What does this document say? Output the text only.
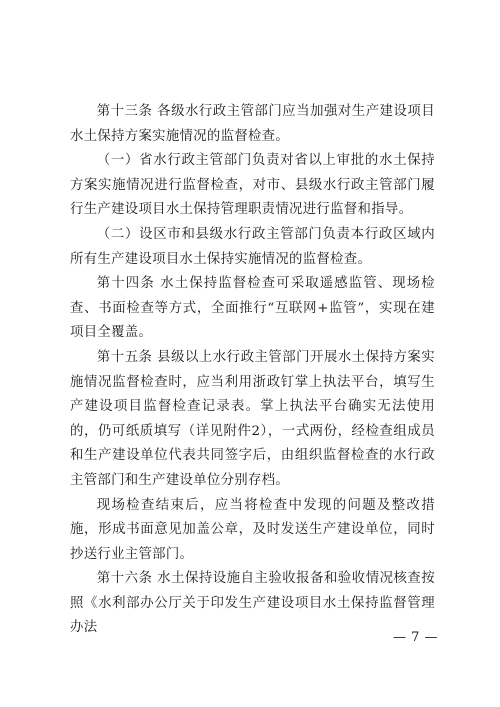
第十三条 各级水行政主管部门应当加强对生产建设项目水土保持方案实施情况的监督检查。

（一）省水行政主管部门负责对省以上审批的水土保持方案实施情况进行监督检查，对市、县级水行政主管部门履行生产建设项目水土保持管理职责情况进行监督和指导。

（二）设区市和县级水行政主管部门负责本行政区域内所有生产建设项目水土保持实施情况的监督检查。

第十四条 水土保持监督检查可采取遥感监管、现场检查、书面检查等方式，全面推行“互联网+监管”，实现在建项目全覆盖。

第十五条 县级以上水行政主管部门开展水土保持方案实施情况监督检查时，应当利用浙政钉掌上执法平台，填写生产建设项目监督检查记录表。掌上执法平台确实无法使用的，仍可纸质填写（详见附件2），一式两份，经检查组成员和生产建设单位代表共同签字后，由组织监督检查的水行政主管部门和生产建设单位分别存档。

现场检查结束后，应当将检查中发现的问题及整改措施，形成书面意见加盖公章，及时发送生产建设单位，同时抄送行业主管部门。

第十六条 水土保持设施自主验收报备和验收情况核查按照《水利部办公厅关于印发生产建设项目水土保持监督管理办法

— 7 —
